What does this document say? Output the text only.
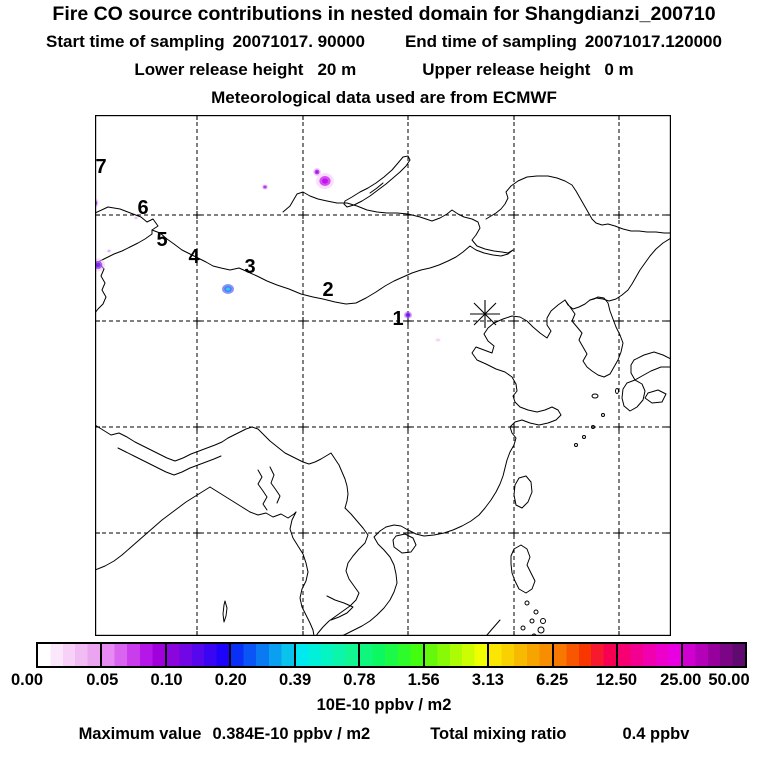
Fire CO source contributions in nested domain for Shangdianzi_200710
Start time of sampling 20071017. 90000 End time of sampling 20071017.120000
Lower release height 20 m	Upper release height 0 m
Meteorological data used are from ECMWF
1
2
3
4
5
6
7
0.00	0.05 0.10 0.20 0.39 0.78 1.56 3.13 6.25 12.50 25.00 50.00
10E-10 ppbv / m2
Maximum value 0.384E-10 ppbv / m2	Total mixing ratio	0.4 ppbv
